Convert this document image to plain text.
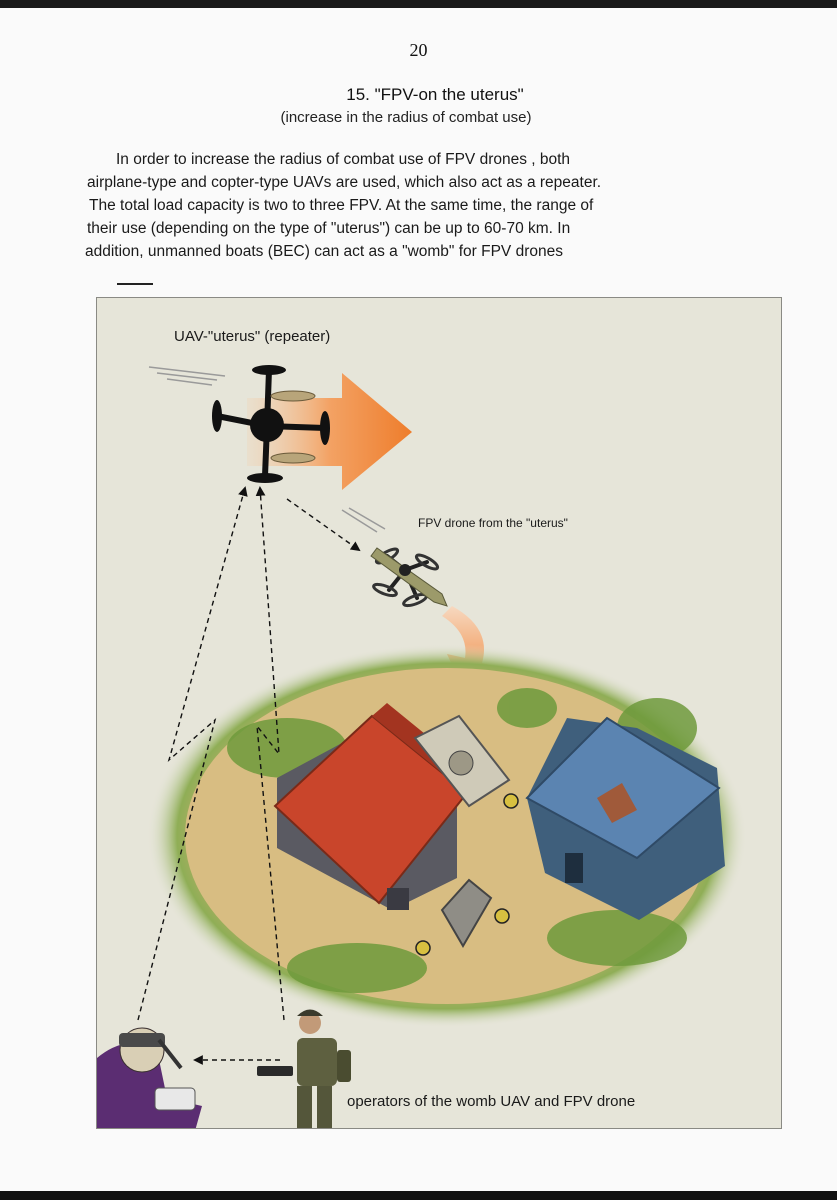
20
15. "FPV-on the uterus"
(increase in the radius of combat use)
In order to increase the radius of combat use of FPV drones , both
airplane-type and copter-type UAVs are used, which also act as a repeater.
The total load capacity is two to three FPV. At the same time, the range of
their use (depending on the type of "uterus") can be up to 60-70 km. In
addition, unmanned boats (BEC) can act as a "womb" for FPV drones
UAV-"uterus" (repeater)
FPV drone from the "uterus"
operators of the womb UAV and FPV drone
